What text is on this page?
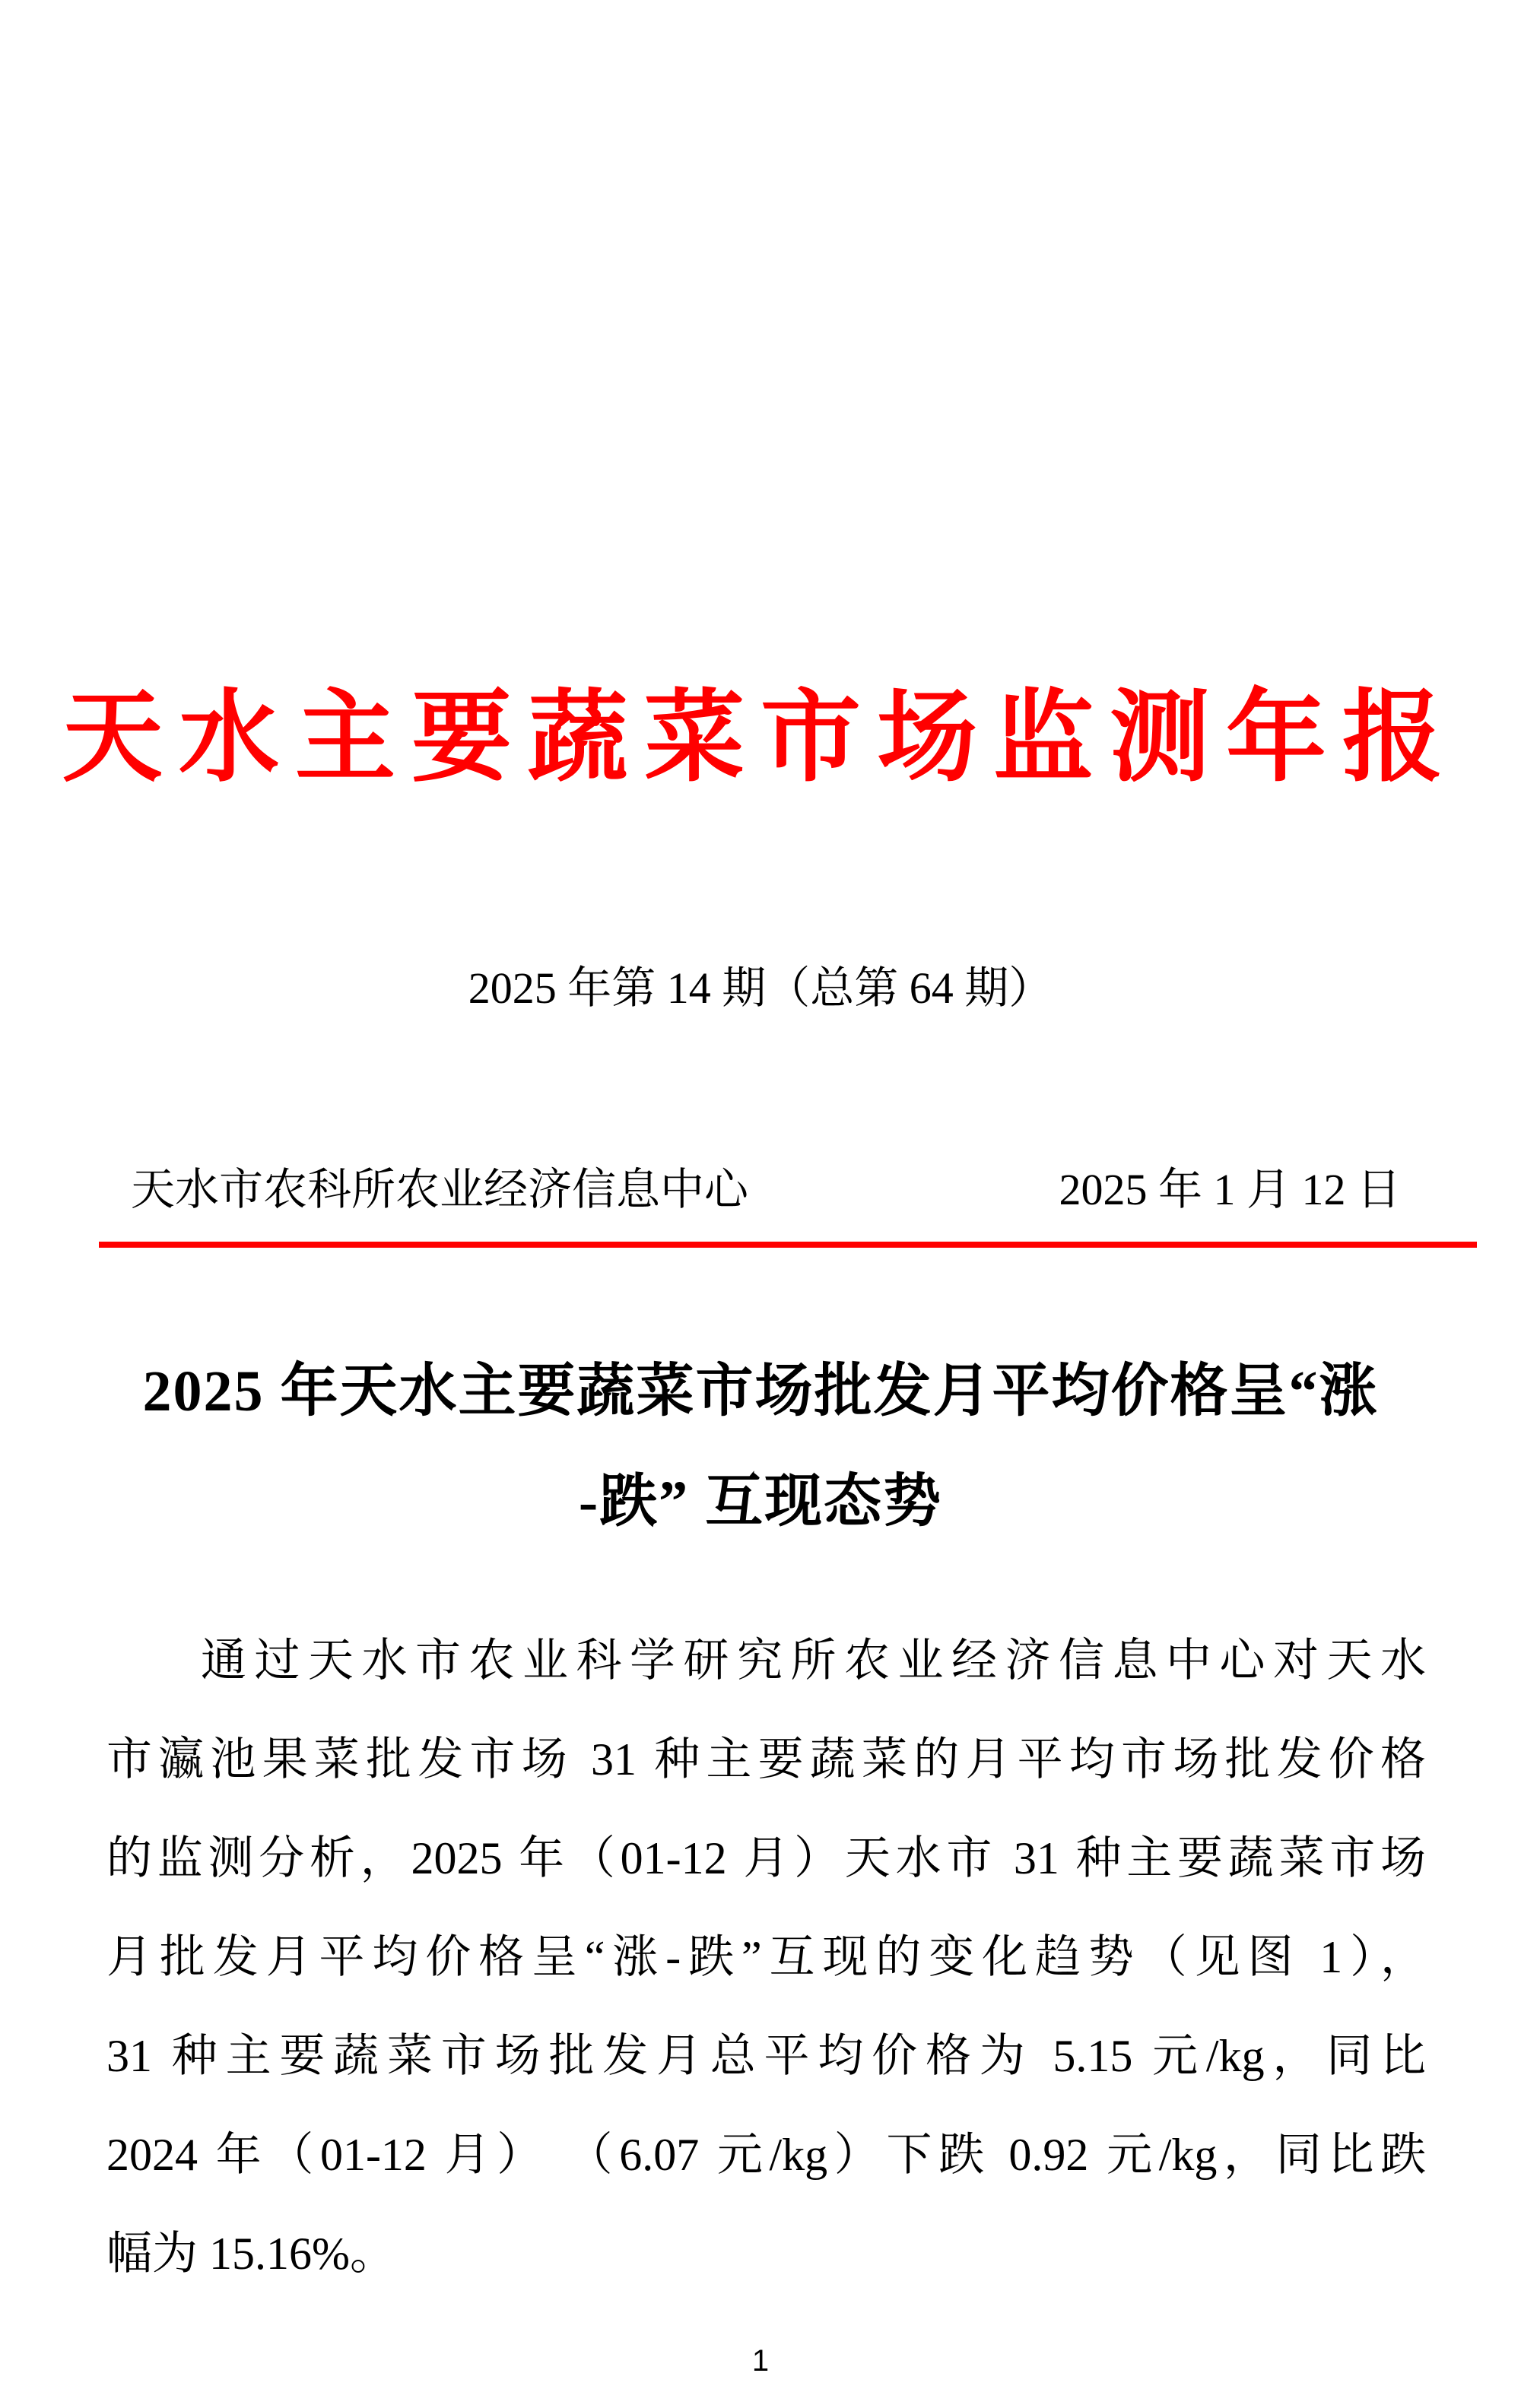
天水主要蔬菜市场监测年报
2025 年第 14 期（总第 64 期）
天水市农科所农业经济信息中心	2025 年 1 月 12 日
2025 年天水主要蔬菜市场批发月平均价格呈“涨
-跌” 互现态势
通过天水市农业科学研究所农业经济信息中心对天水
市瀛池果菜批发市场 31 种主要蔬菜的月平均市场批发价格
的监测分析，2025 年（01-12 月）天水市 31 种主要蔬菜市场
月批发月平均价格呈“涨-跌”互现的变化趋势（见图 1），
31 种主要蔬菜市场批发月总平均价格为 5.15 元/kg，同比
2024 年（01-12 月） （6.07 元/kg）下跌 0.92 元/kg，同比跌
幅为 15.16%。
1
